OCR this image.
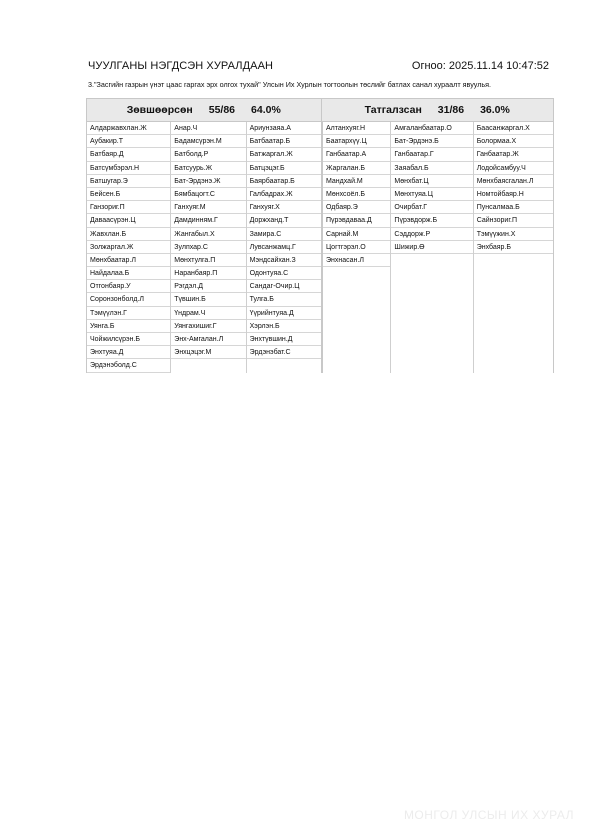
ЧУУЛГАНЫ НЭГДСЭН ХУРАЛДААН	Огноо: 2025.11.14 10:47:52
3."Засгийн газрын үнэт цаас гаргах эрх олгох тухай" Улсын Их Хурлын тогтоолын төслийг батлах санал хураалт явуулья.
Зөвшөөрсөн 55/86 64.0%	Татгалзсан 31/86 36.0%
Алдаржавхлан.Ж
Аубакир.Т
Батбаяр.Д
Батсүмбэрэл.Н
Батшугар.Э
Бейсен.Б
Ганзориг.П
Даваасүрэн.Ц
Жавхлан.Б
Золжаргал.Ж
Мөнхбаатар.Л
Найдалаа.Б
Отгонбаяр.У
Соронзонболд.Л
Тэмүүлэн.Г
Уянга.Б
Чойжилсүрэн.Б
Энхтуяа.Д
Эрдэнэболд.С
Анар.Ч
Бадамсүрэн.М
Батболд.Р
Батсуурь.Ж
Бат-Эрдэнэ.Ж
Бямбацогт.С
Ганхуяг.М
Дамдинням.Г
Жангабыл.Х
Зулпхар.С
Мөнхтулга.П
Наранбаяр.П
Рэгдэл.Д
Түвшин.Б
Үндрам.Ч
Уянгахишиг.Г
Энх-Амгалан.Л
Энхцэцэг.М
Ариунзаяа.А
Батбаатар.Б
Батжаргал.Ж
Батцэцэг.Б
Баярбаатар.Б
Галбадрах.Ж
Ганхуяг.Х
Доржханд.Т
Замира.С
Лувсанжамц.Г
Мэндсайхан.З
Одонтуяа.С
Сандаг-Очир.Ц
Тулга.Б
Үүрийнтуяа.Д
Хэрлэн.Б
Энхтүвшин.Д
Эрдэнэбат.С
Алтанхуяг.Н
Баатархүү.Ц
Ганбаатар.А
Жаргалан.Б
Мандхай.М
Мөнхсоёл.Б
Одбаяр.Э
Пүрэвдаваа.Д
Сарнай.М
Цогтгэрэл.О
Энхнасан.Л
Амгаланбаатар.О
Бат-Эрдэнэ.Б
Ганбаатар.Г
Заяабал.Б
Мөнхбат.Ц
Мөнхтуяа.Ц
Очирбат.Г
Пүрэвдорж.Б
Сэддорж.Р
Шижир.Ө
Баасанжаргал.Х
Болормаа.Х
Ганбаатар.Ж
Лодойсамбуу.Ч
Мөнхбаясгалан.Л
Номтойбаяр.Н
Пунсалмаа.Б
Сайнзориг.П
Тэмүүжин.Х
Энхбаяр.Б
МОНГОЛ УЛСЫН ИХ ХУРАЛ
